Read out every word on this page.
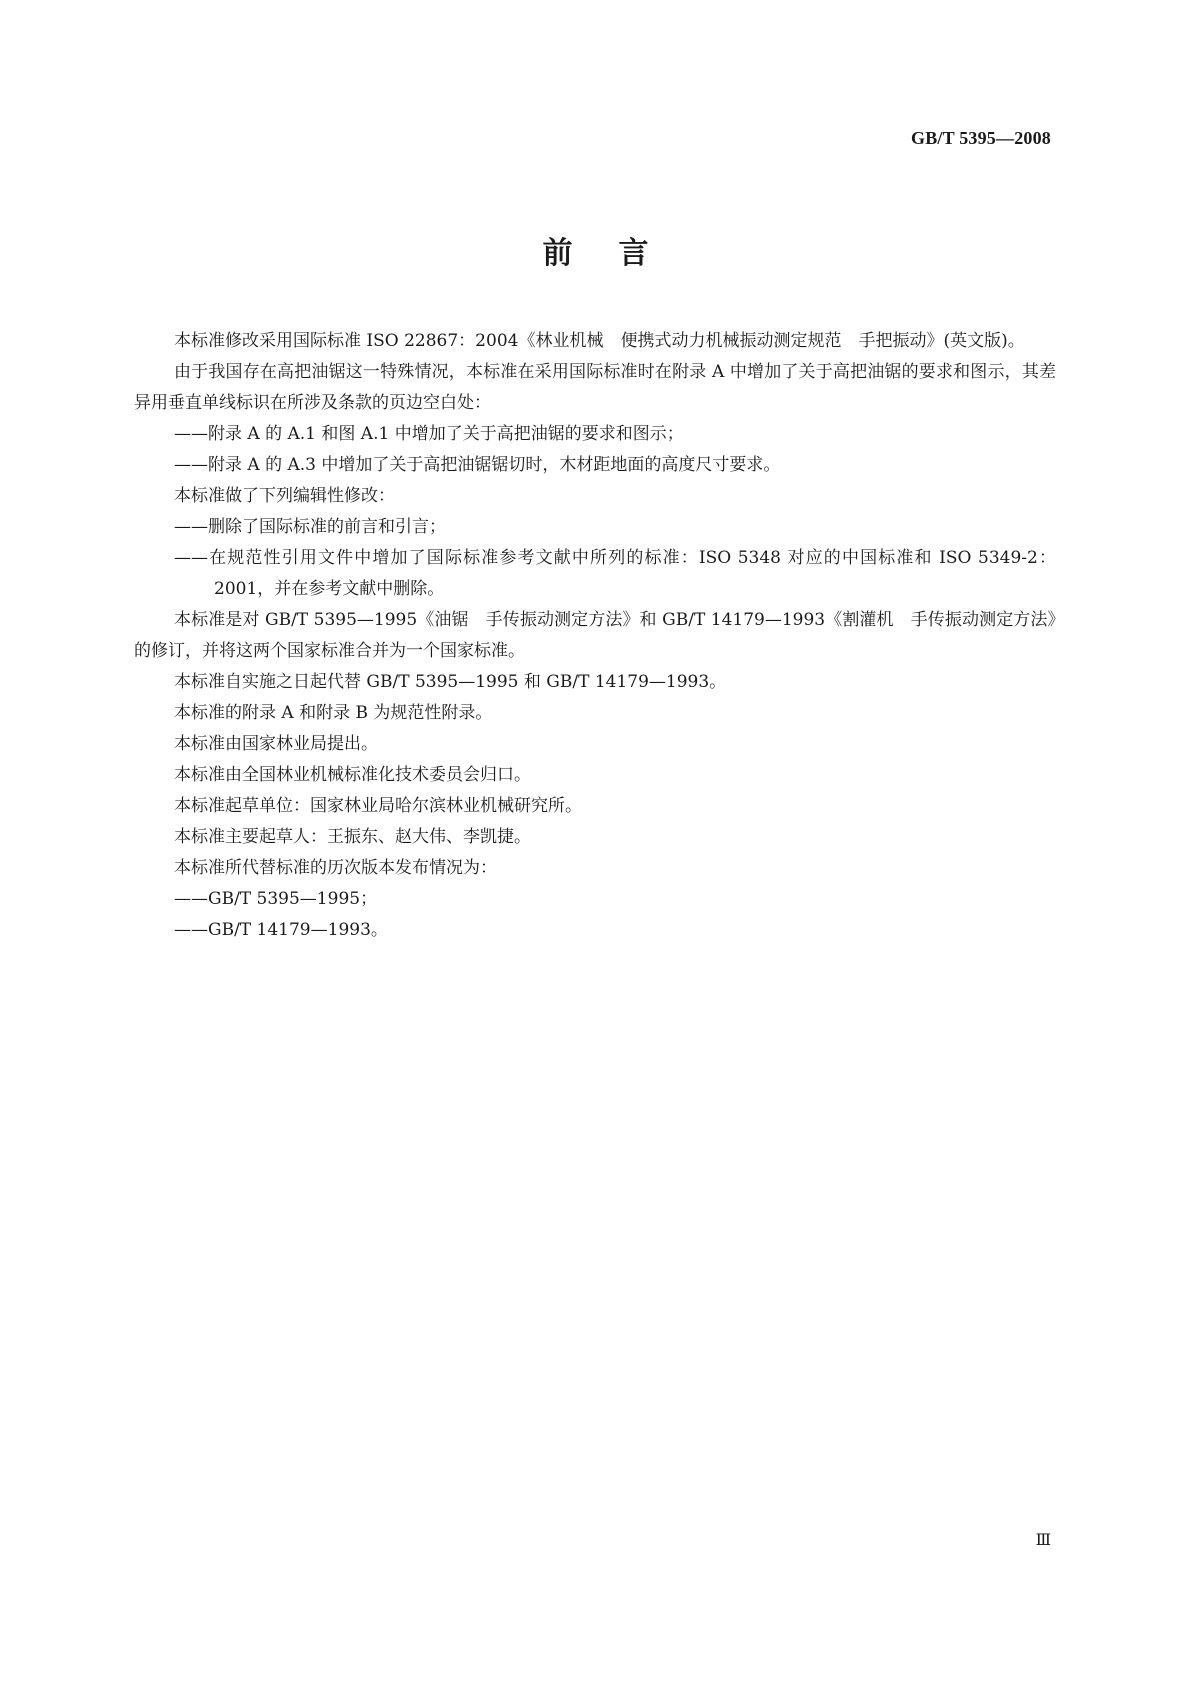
GB/T 5395—2008
前言

本标准修改采用国际标准 ISO 22867：2004《林业机械　便携式动力机械振动测定规范　手把振动》(英文版)。

由于我国存在高把油锯这一特殊情况，本标准在采用国际标准时在附录 A 中增加了关于高把油锯的要求和图示，其差异用垂直单线标识在所涉及条款的页边空白处：

——附录 A 的 A.1 和图 A.1 中增加了关于高把油锯的要求和图示；

——附录 A 的 A.3 中增加了关于高把油锯锯切时，木材距地面的高度尺寸要求。

本标准做了下列编辑性修改：

——删除了国际标准的前言和引言；

——在规范性引用文件中增加了国际标准参考文献中所列的标准：ISO 5348 对应的中国标准和 ISO 5349-2：2001，并在参考文献中删除。

本标准是对 GB/T 5395—1995《油锯　手传振动测定方法》和 GB/T 14179—1993《割灌机　手传振动测定方法》的修订，并将这两个国家标准合并为一个国家标准。

本标准自实施之日起代替 GB/T 5395—1995 和 GB/T 14179—1993。

本标准的附录 A 和附录 B 为规范性附录。

本标准由国家林业局提出。

本标准由全国林业机械标准化技术委员会归口。

本标准起草单位：国家林业局哈尔滨林业机械研究所。

本标准主要起草人：王振东、赵大伟、李凯捷。

本标准所代替标准的历次版本发布情况为：

——GB/T 5395—1995；

——GB/T 14179—1993。

Ⅲ
